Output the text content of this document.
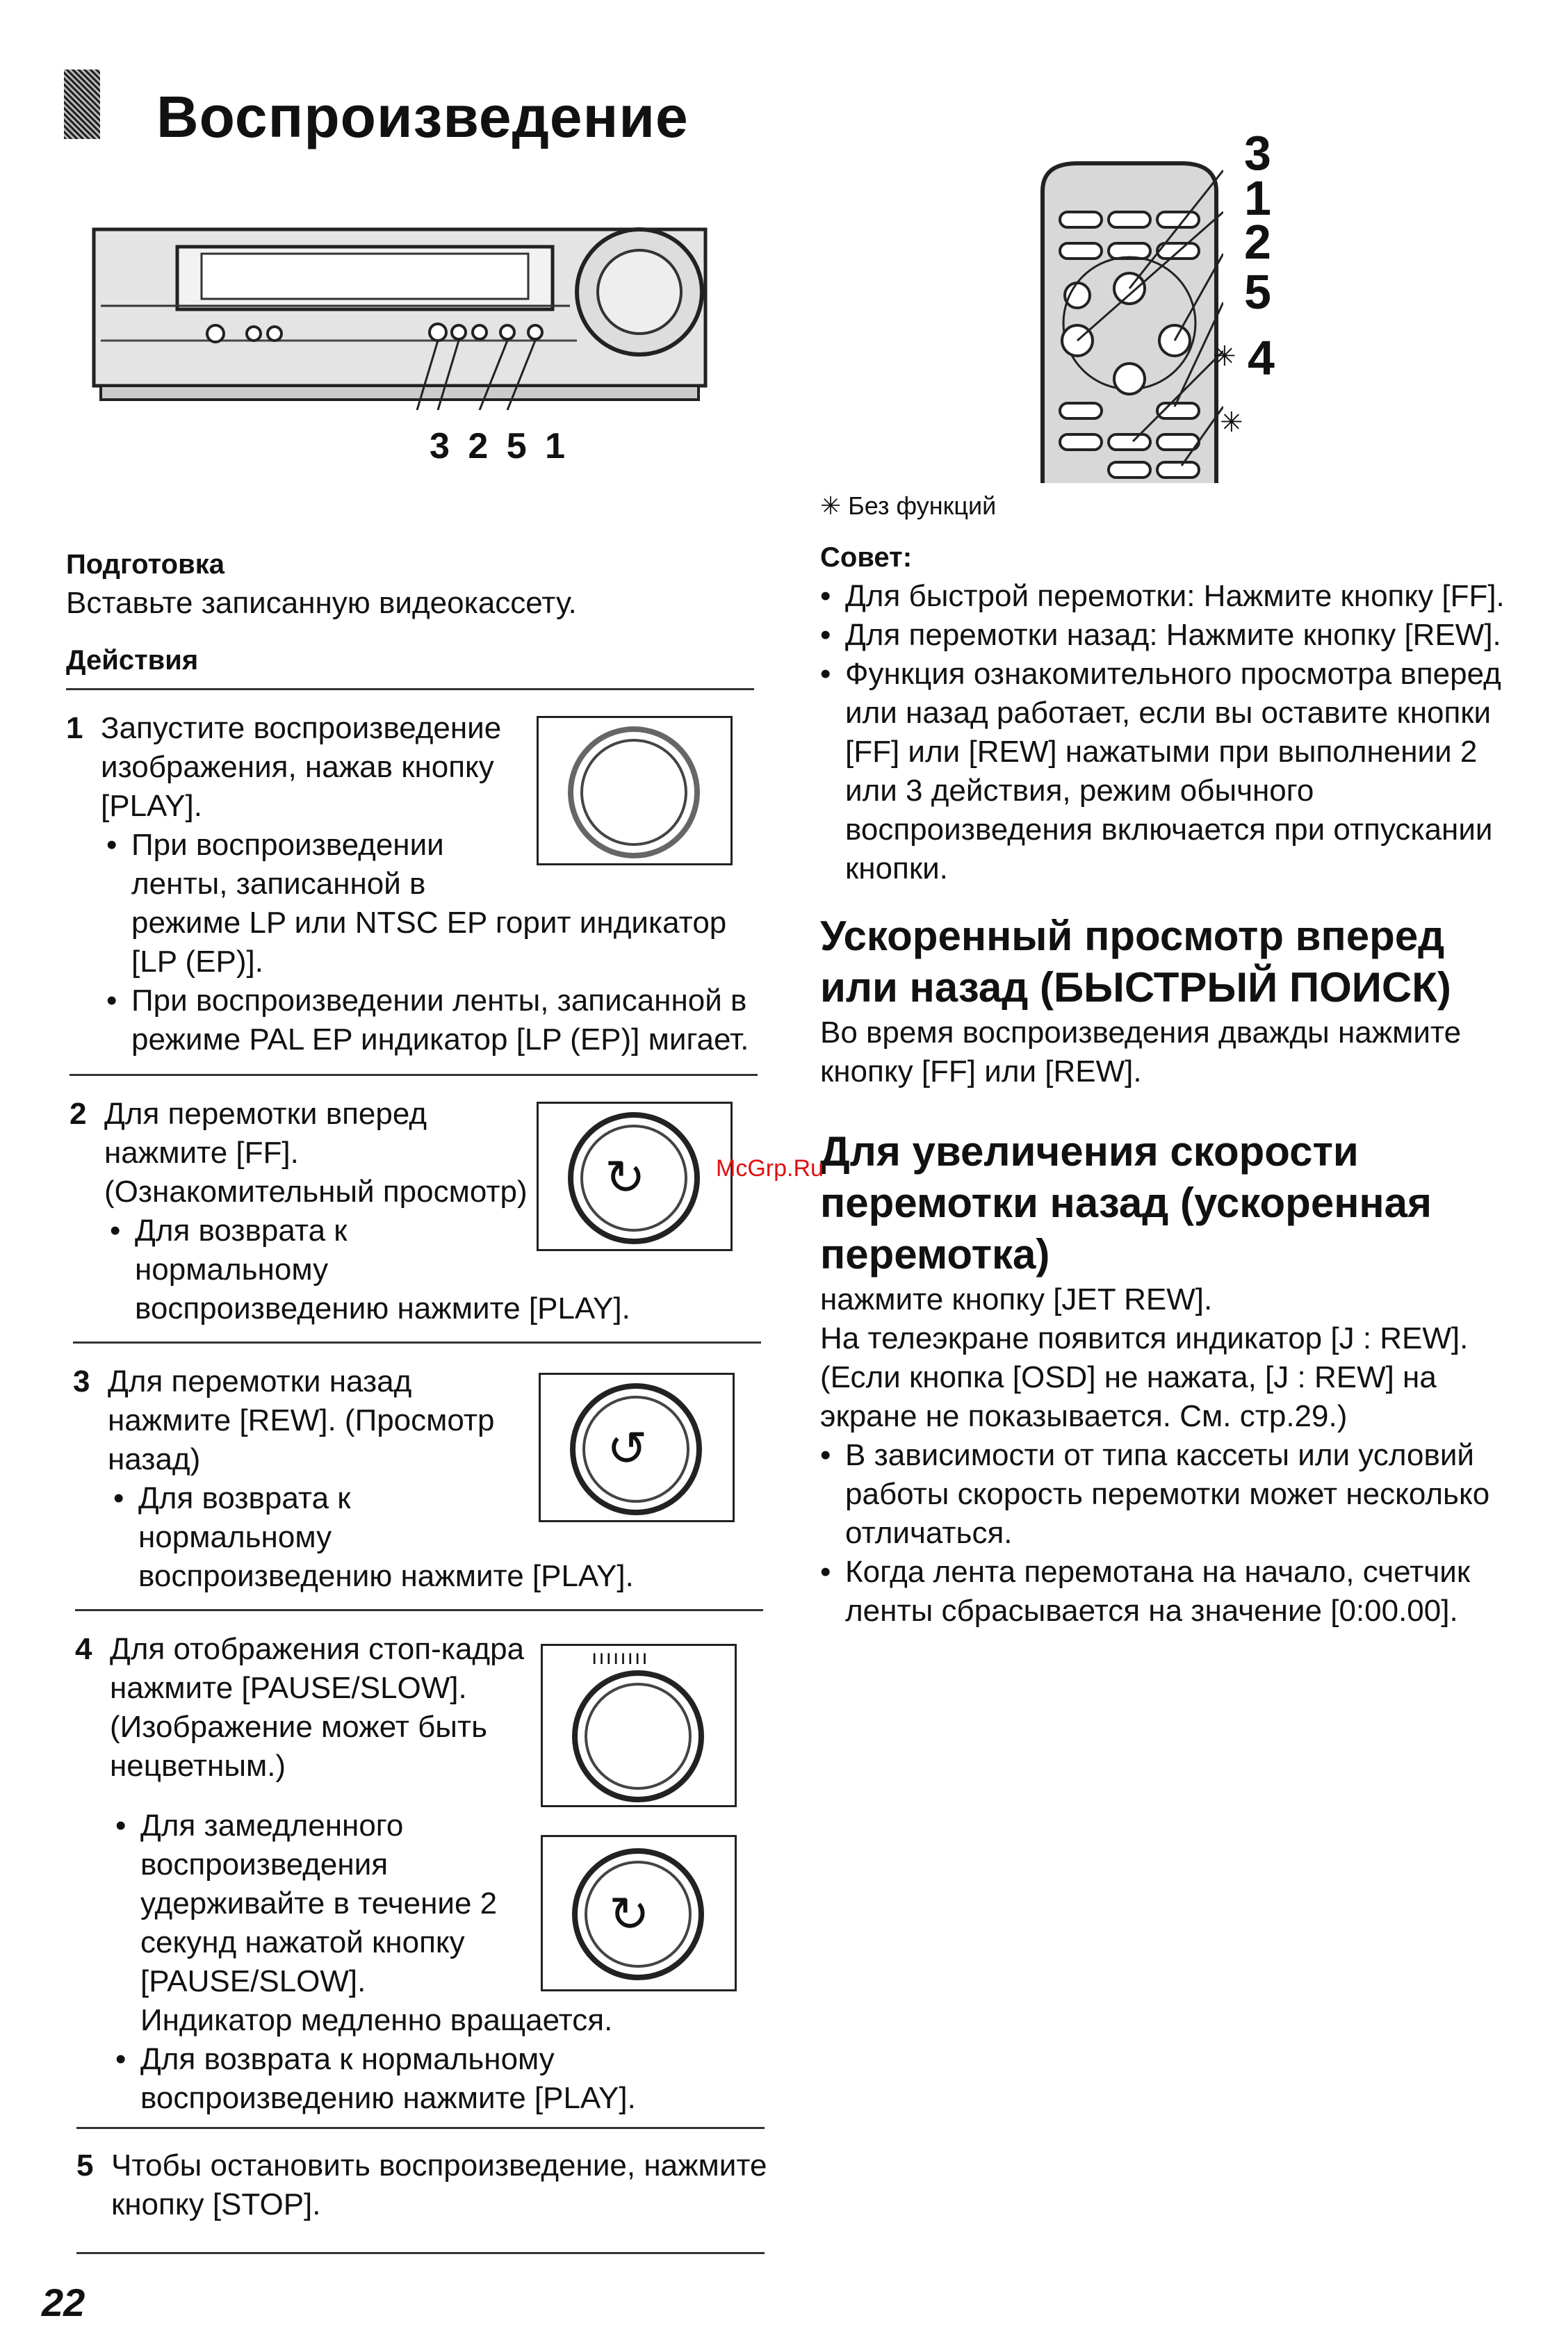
Воспроизведение
3 2 5 1
3
1
2
5
✳ 4
✳
✳ Без функций
Подготовка
Вставьте записанную видеокассету.
Действия
1 Запустите воспроизведение
изображения, нажав кнопку
[PLAY].
• При воспроизведении
ленты, записанной в
режиме LP или NTSC EP горит индикатор
[LP (EP)].
• При воспроизведении ленты, записанной в
режиме PAL EP индикатор [LP (EP)] мигает.
2 Для перемотки вперед
нажмите [FF].
(Ознакомительный просмотр)
• Для возврата к
нормальному
воспроизведению нажмите [PLAY].
↻
3 Для перемотки назад
нажмите [REW]. (Просмотр
назад)
• Для возврата к
нормальному
воспроизведению нажмите [PLAY].
↺
4 Для отображения стоп-кадра
нажмите [PAUSE/SLOW].
(Изображение может быть
нецветным.)
• Для замедленного
воспроизведения
удерживайте в течение 2
секунд нажатой кнопку
[PAUSE/SLOW].
Индикатор медленно вращается.
• Для возврата к нормальному
воспроизведению нажмите [PLAY].
ıııııııı
↻
5 Чтобы остановить воспроизведение, нажмите
кнопку [STOP].
22
Совет:
• Для быстрой перемотки: Нажмите кнопку [FF].
• Для перемотки назад: Нажмите кнопку [REW].
• Функция ознакомительного просмотра вперед
или назад работает, если вы оставите кнопки
[FF] или [REW] нажатыми при выполнении 2
или 3 действия, режим обычного
воспроизведения включается при отпускании
кнопки.
Ускоренный просмотр вперед
или назад (БЫСТРЫЙ ПОИСК)
Во время воспроизведения дважды нажмите
кнопку [FF] или [REW].
Для увеличения скорости
перемотки назад (ускоренная
перемотка)
McGrp.Ru
нажмите кнопку [JET REW].
На телеэкране появится индикатор [J : REW].
(Если кнопка [OSD] не нажата, [J : REW] на
экране не показывается. См. стр.29.)
• В зависимости от типа кассеты или условий
работы скорость перемотки может несколько
отличаться.
• Когда лента перемотана на начало, счетчик
ленты сбрасывается на значение [0:00.00].
